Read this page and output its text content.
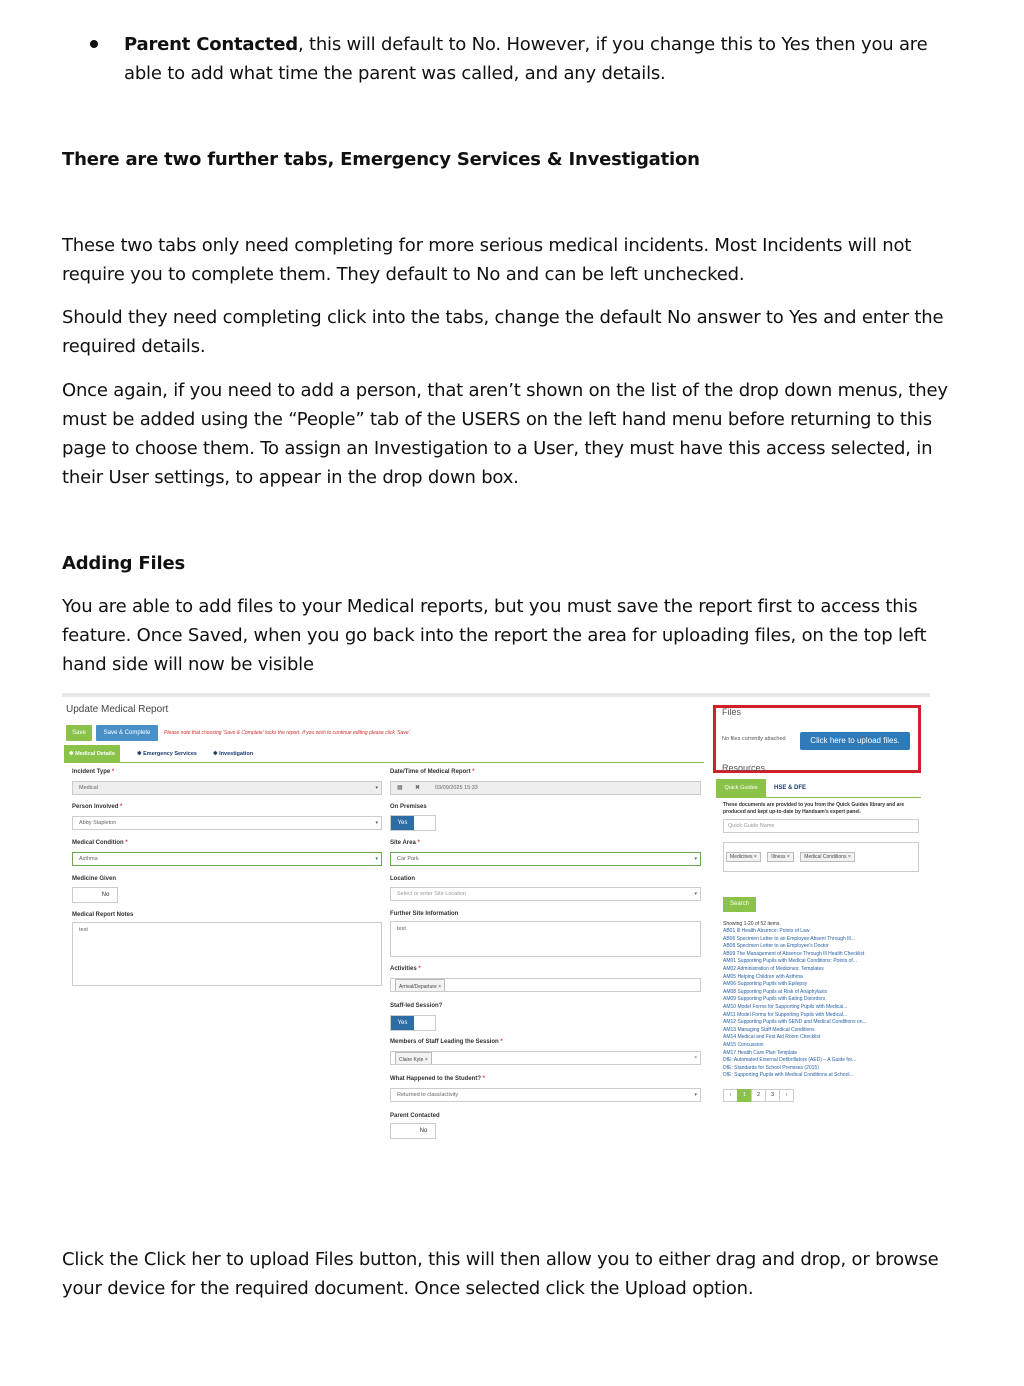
Parent Contacted, this will default to No. However, if you change this to Yes then you are able to add what time the parent was called, and any details.
There are two further tabs, Emergency Services & Investigation
These two tabs only need completing for more serious medical incidents. Most Incidents will not require you to complete them. They default to No and can be left unchecked.
Should they need completing click into the tabs, change the default No answer to Yes and enter the required details.
Once again, if you need to add a person, that aren’t shown on the list of the drop down menus, they must be added using the “People” tab of the USERS on the left hand menu before returning to this page to choose them. To assign an Investigation to a User, they must have this access selected, in their User settings, to appear in the drop down box.
Adding Files
You are able to add files to your Medical reports, but you must save the report first to access this feature. Once Saved, when you go back into the report the area for uploading files, on the top left hand side will now be visible
Update Medical Report
Save	Save & Complete	Please note that choosing 'Save & Complete' locks the report. If you wish to continue editing please click 'Save'.
✱ Medical Details	✱ Emergency Services	✱ Investigation
Incident Type *
Medical	▾
Person Involved *
Abby Stapleton	▾
Medical Condition *
Asthma	▾
Medicine Given
No
Medical Report Notes
test
Date/Time of Medical Report *
▦ ✖	03/09/2025 15:33
On Premises
Yes
Site Area *
Car Park	▾
Location
Select or enter Site Location	▾
Further Site Information
test
Activities *
Arrival/Departure ×
Staff-led Session?
Yes
Members of Staff Leading the Session *
Claire Kyte ×	×
What Happened to the Student? *
Returned to class/activity	▾
Parent Contacted
No
Files
No files currently attached	Click here to upload files.
Resources
Quick Guides	HSE & DFE
These documents are provided to you from the Quick Guides library and are produced and kept up-to-date by Handsam's expert panel.
Quick Guide Name
Medicines ×	Illness ×	Medical Conditions ×
Search
Showing 1-20 of 52 items.
AB01 Ill Health Absence: Points of Law
AB06 Specimen Letter to an Employee Absent Through Ill...
AB08 Specimen Letter to an Employee's Doctor
AB09 The Management of Absence Through Ill Health Checklist
AM01 Supporting Pupils with Medical Conditions: Points of...
AM02 Administration of Medicines: Templates
AM05 Helping Children with Asthma
AM06 Supporting Pupils with Epilepsy
AM08 Supporting Pupils at Risk of Anaphylaxis
AM09 Supporting Pupils with Eating Disorders
AM10 Model Forms for Supporting Pupils with Medical...
AM11 Model Forms for Supporting Pupils with Medical...
AM12 Supporting Pupils with SEND and Medical Conditions on...
AM13 Managing Staff Medical Conditions
AM14 Medical and First Aid Room Checklist
AM15 Concussion
AM17 Health Care Plan Template
DfE: Automated External Defibrillators (AED) – A Guide for...
DfE: Standards for School Premises (2015)
DfE: Supporting Pupils with Medical Conditions at School...
‹	1	2	3	›
Click the Click her to upload Files button, this will then allow you to either drag and drop, or browse your device for the required document. Once selected click the Upload option.
